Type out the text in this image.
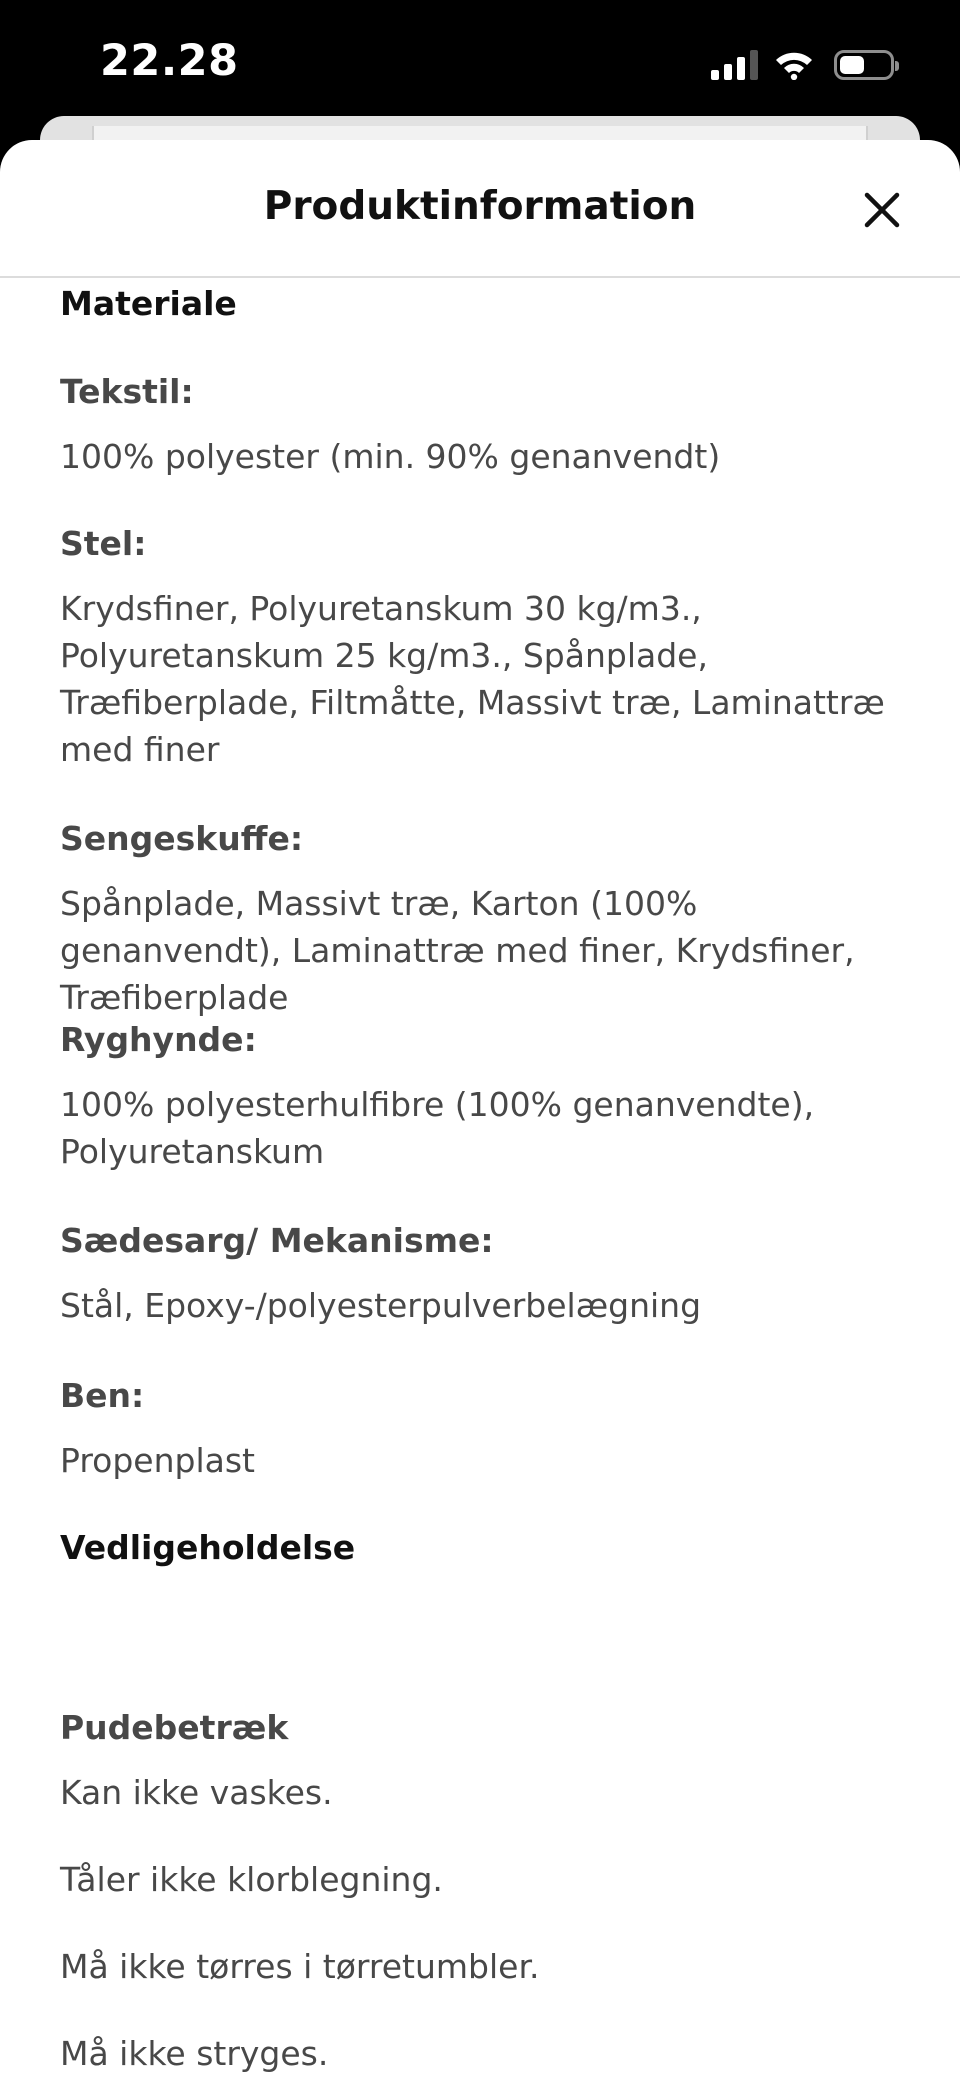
22.28
Produktinformation
Materiale
Tekstil:
100% polyester (min. 90% genanvendt)
Stel:
Krydsfiner, Polyuretanskum 30 kg/m3., Polyuretanskum 25 kg/m3., Spånplade, Træfiberplade, Filtmåtte, Massivt træ, Laminattræ med finer
Sengeskuffe:
Spånplade, Massivt træ, Karton (100% genanvendt), Laminattræ med finer, Krydsfiner, Træfiberplade
Ryghynde:
100% polyesterhulfibre (100% genanvendte), Polyuretanskum
Sædesarg/ Mekanisme:
Stål, Epoxy-/polyesterpulverbelægning
Ben:
Propenplast
Vedligeholdelse
Pudebetræk
Kan ikke vaskes.
Tåler ikke klorblegning.
Må ikke tørres i tørretumbler.
Må ikke stryges.
